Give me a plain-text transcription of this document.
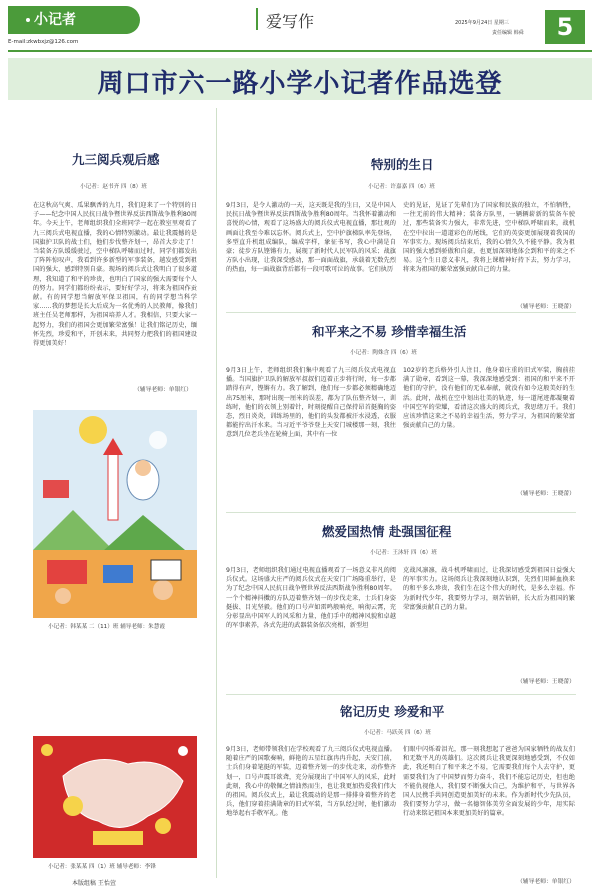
小记者
E-mail:zkwbxjz@126.com
爱写作	2025年9月24日 星期三
责任编辑 韩舜	5
周口市六一路小学小记者作品选登
九三阅兵观后感
小记者：赵书齐 四（8）班
在这秋高气爽、瓜果飘香的九月，我们迎来了一个特别的日子——纪念中国人民抗日战争暨世界反法西斯战争胜利80周年。今天上午，老师组织我们全班同学一起在教室里观看了九三阅兵式电视直播，我的心情特别激动。最让我震撼的是国旗护卫队的战士们，他们步伐整齐划一，昂首大步走了！当装备方队缓缓驶过，空中梯队呼啸而过时，同学们都发出了阵阵惊叹声，我看到许多新型的军事装备，越发感受到祖国的强大，感到特别自豪。现场的阅兵式让我明白了很多道理，我知道了和平的珍贵，也明白了国家的强大需要每个人的努力。同学们都纷纷表示，要好好学习，将来为祖国作贡献。有的同学想当解放军保卫祖国，有的同学想当科学家……我的梦想是长大后成为一名优秀的人民教师，像我们班主任吴老师那样，为祖国培养人才。我相信，只要大家一起努力，我们的祖国会更加繁荣富强！让我们铭记历史，缅怀先烈，珍爱和平，开创未来，共同努力把我们的祖国建设得更加美好！
（辅导老师：单银红）
小记者：韩某某 二（11）班 辅导老师：朱慧霞
小记者：张某某 四（1）班 辅导老师：李锋
本版组稿 王怡萱
特别的生日
小记者：许嘉嘉 四（6）班
9月3日，是令人激动的一天，这天既是我的生日，又是中国人民抗日战争暨世界反法西斯战争胜利80周年。当我怀着激动和喜悦的心情，观看了这场盛大的阅兵仪式电视直播，那壮观的画面让我至今难以忘怀。阅兵式上，空中护旗梯队率先登场，多型直升机组成编队，编成字样，象征书写，我心中满是自豪；徒步方队铿锵有力，展现了新时代人民军队的风采；战旗方队小出现，让我深受感动，那一面面战旗，承载着无数先烈的热血，每一面战旗背后都有一段可歌可泣的故事。它们执历
史的见证，见证了先辈们为了国家和民族的独立，不怕牺牲，一往无前的伟大精神；装备方队里，一辆辆崭新的装备车驶过，那些装备实力强大，非常先进，空中梯队呼啸而来，战机在空中拉出一道道彩色的尾线，它们的英姿更加展现着我国的军事实力。现场阅兵结束后，我的心情久久不能平静。我为祖国的强大感到骄傲和自豪，也更加深刻地体会到和平的来之不易。这个生日意义非凡，我将上课精神好持下去，努力学习，将来为祖国的繁荣富强贡献自己的力量。
（辅导老师：王晓蕾）
和平来之不易 珍惜幸福生活
小记者：陶姝含 四（6）班
9月3日上午，老师组织我们集中观看了九三阅兵仪式电视直播。当国旗护卫队的解放军叔叔们迈着正步将行时，每一步都踏得有声，铿锵有力。我了解到，他们每一步都必须精确地迈出75厘米，那时出现一厘米的误差，都为了队伍整齐划一，训练时，他们的衣领上别着针，时刻提醒自己保持昂首挺胸的姿态，烈日炎炎，训练场里的，他们的头发都被汗水浸透，衣服都能拧出汗水来。当习近平爷爷登上天安门城楼那一刻，我往意到几位老兵坐在轮椅上面，其中有一位
102岁的老兵格外引人注目，他身着庄重的旧式军装，胸前挂满了勋章，看到这一幕，我深深地感受到：祖国的和平来不开他们的守护，没有他们的无私奉献，就没有如今这般美好的生活。此时，战机在空中划出壮美的轨迹，每一道尾迹都凝聚着中国空军的荣耀，看清这次盛大的阅兵式，我思绪万千。我们应该珍惜这来之不易的幸福生活，努力学习，为祖国的繁荣富强贡献自己的力量。
（辅导老师：王晓蕾）
燃爱国热情 赴强国征程
小记者：王沐轩 四（6）班
9月3日，老师组织我们通过电视直播观看了一场意义非凡的阅兵仪式。这场盛大庄严的阅兵仪式在天安门广场隆重举行，是为了纪念中国人民抗日战争暨世界反法西斯战争胜利80周年。一个个精神抖擞的方队迈着整齐划一的步伐走来，士兵们身姿挺拔、目光坚毅。他们的口号声如雷鸣般响亮，响彻云霄，充分彰显出中国军人的风采和力量，他们手中的精神风貌和卓越的军事素养，各式先进的武器装备依次亮相，新型坦
克战风凛凛，战斗机呼啸而过，让我深切感受到祖国日益强大的军事实力。这场阅兵让我深刻地认识到，先烈们用鲜血换来的和平多么珍贵，我们生在这个伟大的时代，是多么幸福。作为新时代少年，我要努力学习，刻苦钻研，长大后为祖国的繁荣富强贡献自己的力量。
（辅导老师：王晓蕾）
铭记历史 珍爱和平
小记者：马跃英 四（6）班
9月3日，老师带领我们在学校观看了九三阅兵仪式电视直播。随着庄严的国歌奏响，鲜艳的五星红旗冉冉升起，天安门前，士兵们身着笔挺的军装，迈着整齐划一的步伐走来，动作整齐划一，口号声震耳欲聋，充分展现出了中国军人的风采，此时此刻，我心中的敬佩之情油然而生，也让我更加热爱我们伟大的祖国。阅兵仪式上，最让我震动的是那一排排身着整齐的老兵，他们穿着挂满勋章的旧式军装，当方队经过时，他们激动地举起右手敬军礼。他
们眼中闪烁着泪光，那一刻我想起了爸爸为国家牺牲的战友们和无数平凡的英雄们。这次阅兵让我更深刻地感受到，不仅如此，我还明白了和平来之不易，它需要我们每个人去守护，更需要我们为了中国梦而努力奋斗，我们不能忘记历史，但也绝不能仇视他人，我们要不断强大自己，为维护和平，与世界各国人民携手共同创造更加美好的未来。作为新时代少先队员，我们要努力学习，做一名德智体美劳全面发展的少年，用实际行动来铭记祖国本来更加美好的篇章。
（辅导老师：单银红）
